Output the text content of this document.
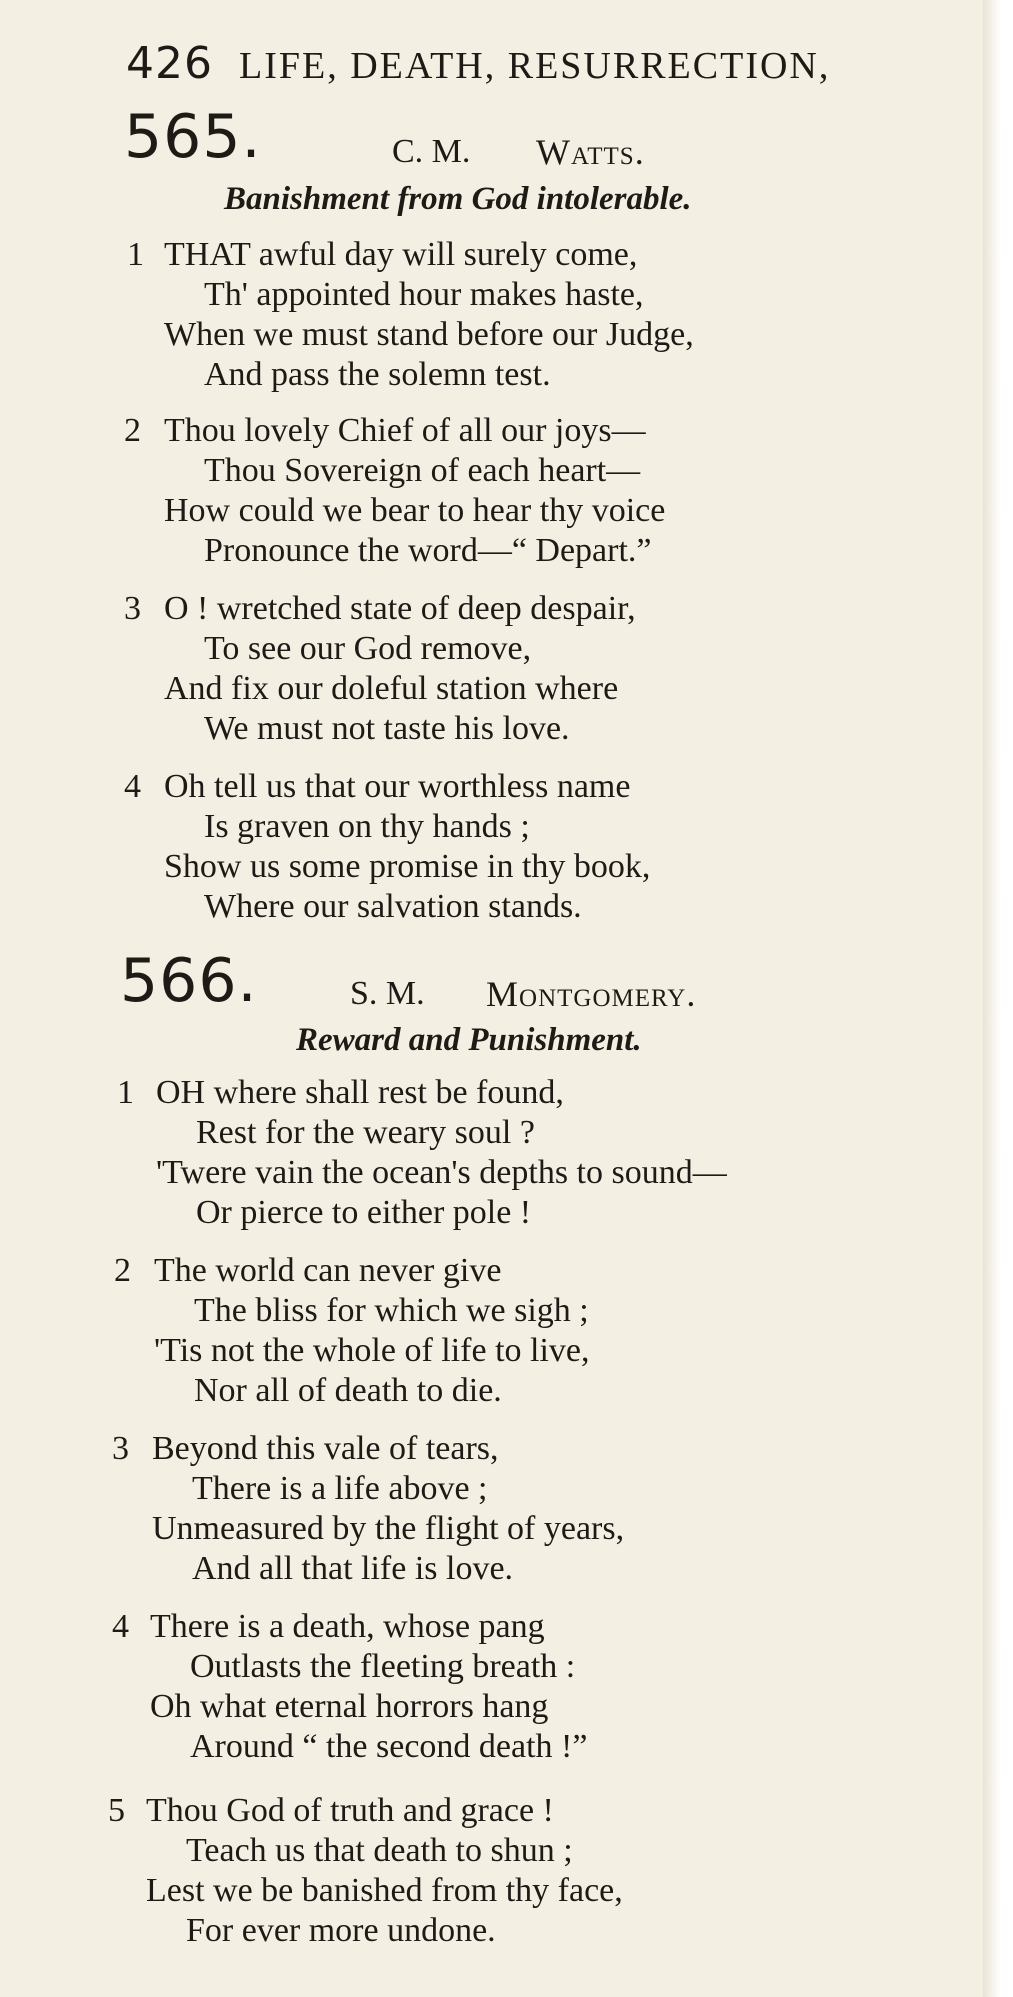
426 LIFE, DEATH, RESURRECTION,
565.	C. M. Watts.
Banishment from God intolerable.
1 THAT awful day will surely come,
Th' appointed hour makes haste,
When we must stand before our Judge,
And pass the solemn test.
2 Thou lovely Chief of all our joys—
Thou Sovereign of each heart—
How could we bear to hear thy voice
Pronounce the word—“ Depart.”
3 O ! wretched state of deep despair,
To see our God remove,
And fix our doleful station where
We must not taste his love.
4 Oh tell us that our worthless name
Is graven on thy hands ;
Show us some promise in thy book,
Where our salvation stands.
566.	S. M. Montgomery.
Reward and Punishment.
1 OH where shall rest be found,
Rest for the weary soul ?
'Twere vain the ocean's depths to sound—
Or pierce to either pole !
2 The world can never give
The bliss for which we sigh ;
'Tis not the whole of life to live,
Nor all of death to die.
3 Beyond this vale of tears,
There is a life above ;
Unmeasured by the flight of years,
And all that life is love.
4 There is a death, whose pang
Outlasts the fleeting breath :
Oh what eternal horrors hang
Around “ the second death !”
5 Thou God of truth and grace !
Teach us that death to shun ;
Lest we be banished from thy face,
For ever more undone.
